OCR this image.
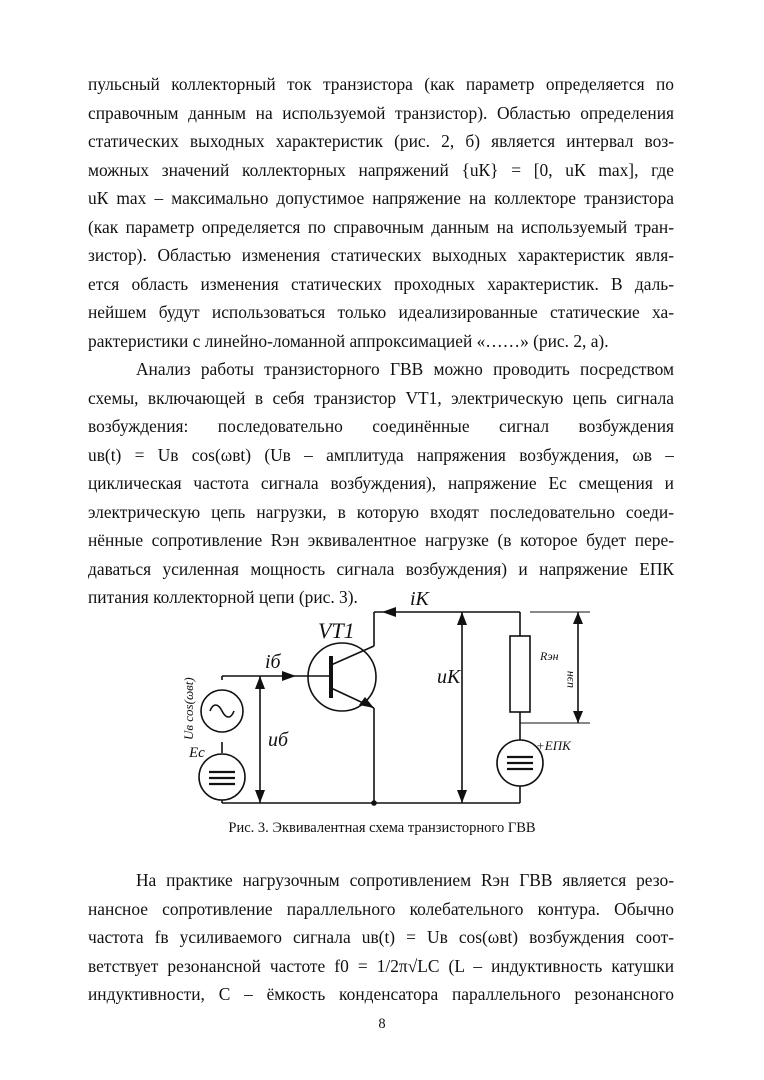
пульсный коллекторный ток транзистора (как параметр определяется по
справочным данным на используемой транзистор). Областью определения
статических выходных характеристик (рис. 2, б) является интервал воз-
можных значений коллекторных напряжений {uК} = [0, uК max], где
uК max – максимально допустимое напряжение на коллекторе транзистора
(как параметр определяется по справочным данным на используемый тран-
зистор). Областью изменения статических выходных характеристик явля-
ется область изменения статических проходных характеристик. В даль-
нейшем будут использоваться только идеализированные статические ха-
рактеристики с линейно-ломанной аппроксимацией «……» (рис. 2, а).
Анализ работы транзисторного ГВВ можно проводить посредством
схемы, включающей в себя транзистор VT1, электрическую цепь сигнала
возбуждения: последовательно соединённые сигнал возбуждения
uв(t) = Uв cos(ωвt) (Uв – амплитуда напряжения возбуждения, ωв –
циклическая частота сигнала возбуждения), напряжение Eс смещения и
электрическую цепь нагрузки, в которую входят последовательно соеди-
нённые сопротивление Rэн эквивалентное нагрузке (в которое будет пере-
даваться усиленная мощность сигнала возбуждения) и напряжение EПК
питания коллекторной цепи (рис. 3).
VT1
iК
iб
uК
uб
Eс
Rэн
+EПК
Uв cos(ωвt)	uэн
Рис. 3. Эквивалентная схема транзисторного ГВВ
На практике нагрузочным сопротивлением Rэн ГВВ является резо-
нансное сопротивление параллельного колебательного контура. Обычно
частота fв усиливаемого сигнала uв(t) = Uв cos(ωвt) возбуждения соот-
ветствует резонансной частоте f0 = 1/2π√LC (L – индуктивность катушки
индуктивности, C – ёмкость конденсатора параллельного резонансного
8
